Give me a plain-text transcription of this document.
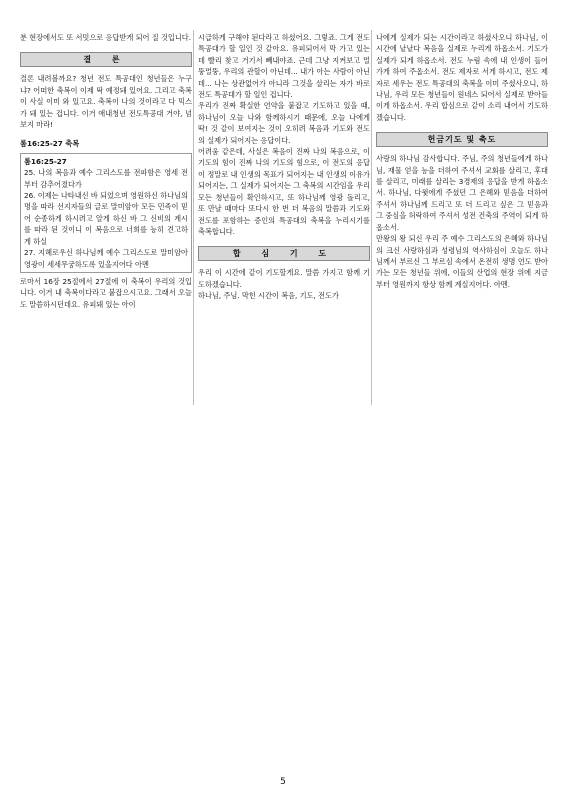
분 현장에서도 또 서밋으로 응답받게 되어 질 것입니다.

결 론

결론 내려볼까요? 청년 전도 특공대인 청년들은 누구냐? 어떠한 축복이 이제 딱 예정돼 있어요. 그리고 축복이 사실 이미 와 있고요. 축복이 나의 것이라고 다 믹스가 돼 있는 겁니다. 이거 애내청년 전도특공대 거야, 넘보지 마라!

롬16:25-27 축복

롬16:25-27

25. 나의 복음과 예수 그리스도를 전파함은 영세 전부터 감추어졌다가

26. 이제는 나타내신 바 되었으며 영원하신 하나님의 명을 따라 선지자들의 글로 말미암아 모든 민족이 믿어 순종하게 하시려고 알게 하신 바 그 신비의 계시를 따라 된 것이니 이 복음으로 너희를 능히 견고하게 하실

27. 지혜로우신 하나님께 예수 그리스도로 말미암아 영광이 세세무궁하도록 있을지어다 아멘

로마서 16장 25절에서 27절에 이 축복이 우리의 것입니다. 이거 내 축복이다라고 붙잡으시고요. 그래서 오늘도 말씀하시던데요. 유피돼 있는 아이

시급하게 구해야 된다라고 하셨어요. 그렇죠. 그게 전도 특공대가 할 일인 것 같아요. 유피되어서 막 가고 있는데 빨리 찾고 거기서 빼내야죠. 근데 그냥 지켜보고 멀뚱멀뚱, 우리의 관할이 아닌데... 내가 아는 사람이 아닌데... 나는 상관없어가 아니라 그것을 살리는 자가 바로 전도 특공대가 할 일인 겁니다.

우리가 진짜 확실한 언약을 붙잡고 기도하고 있을 때, 하나님이 오늘 나와 함께하시기 때문에, 오늘 나에게 딱! 것 같이 보여지는 것이 오히려 복음과 기도와 전도의 실제가 되어지는 응답이다.

어려움 같은데, 사실은 복음이 진짜 나의 복음으로, 이 기도의 힘이 진짜 나의 기도의 힘으로, 이 전도의 응답이 정말로 내 인생의 목표가 되어지는 내 인생의 이유가 되어지는, 그 실제가 되어지는 그 축복의 시간임을 우리 모든 청년들이 확인하시고, 또 하나님께 영광 돌리고, 또 만날 때마다 또다시 한 번 더 복음의 말씀과 기도와 전도를 포함하는 증인의 특공대의 축복을 누리시기를 축복합니다.

합 심 기 도

우리 이 시간에 같이 기도할게요. 말씀 가지고 함께 기도하겠습니다.

하나님, 주님. 막힌 시간이 복음, 기도, 전도가

나에게 실제가 되는 시간이라고 하셨사오니 하나님, 이 시간에 낱낱다 복음을 실제로 누리게 하옵소서. 기도가 실제가 되게 하옵소서. 전도 누림 속에 내 인생이 들어가게 하여 주옵소서. 전도 제자로 서게 하시고, 전도 제자로 세우는 전도 특공대의 축복을 이미 주셨사오니, 하나님, 우리 모든 청년들이 원네스 되어서 실제로 받아들이게 하옵소서. 우리 합심으로 같이 소리 내어서 기도하겠습니다.

헌금기도 및 축도

사랑의 하나님 감사합니다. 주님, 주의 청년들에게 하나님, 재물 얻을 능을 더하여 주셔서 교회를 살리고, 후대를 살리고, 미래를 살리는 3경제의 응답을 받게 하옵소서. 하나님, 다윗에게 주셨던 그 은혜와 믿음을 더하여 주셔서 하나님께 드리고 또 더 드리고 싶은 그 믿음과 그 중심을 허락하여 주셔서 성전 건축의 주역이 되게 하옵소서.

만왕의 왕 되신 우리 주 예수 그리스도의 은혜와 하나님의 크신 사랑하심과 성령님의 역사하심이 오늘도 하나님께서 부르신 그 부르심 속에서 온전히 생명 언도 받아가는 모든 청년들 위에, 이들의 산업의 현장 위에 지금부터 영원까지 항상 함께 계실지어다. 아멘.

5
